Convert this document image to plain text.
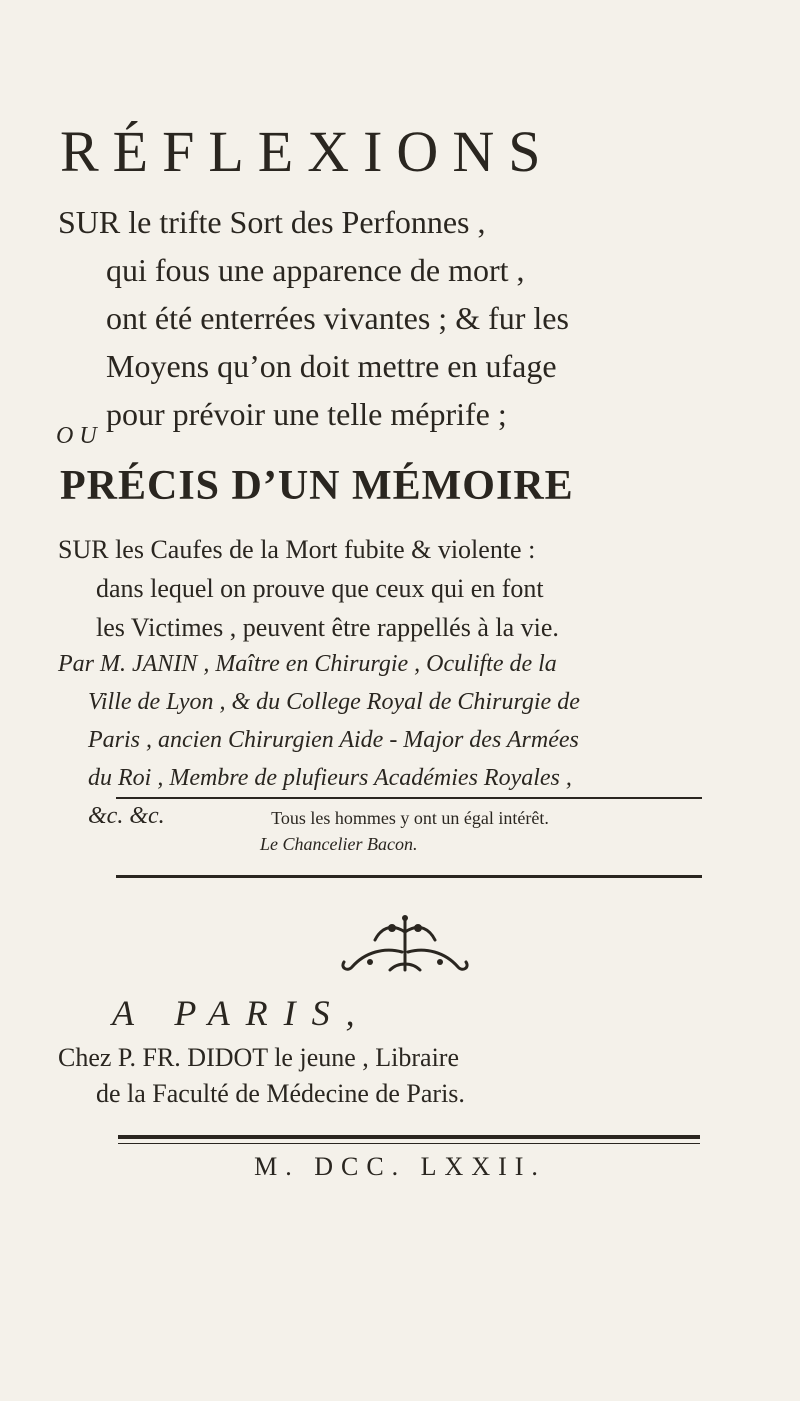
RÉFLEXIONS
SUR le trifte Sort des Perfonnes ,
qui fous une apparence de mort ,
ont été enterrées vivantes ; & fur les
Moyens qu’on doit mettre en ufage
pour prévoir une telle méprife ;
OU
PRÉCIS D’UN MÉMOIRE
SUR les Caufes de la Mort fubite & violente :
dans lequel on prouve que ceux qui en font
les Victimes , peuvent être rappellés à la vie.
Par M. JANIN , Maître en Chirurgie , Oculifte de la
Ville de Lyon , & du College Royal de Chirurgie de
Paris , ancien Chirurgien Aide - Major des Armées
du Roi , Membre de plufieurs Académies Royales ,
&c. &c.	Tous les hommes y ont un égal intérêt.
Le Chancelier Bacon.
A PARIS,
Chez P. FR. DIDOT le jeune , Libraire
de la Faculté de Médecine de Paris.
M. DCC. LXXII.
